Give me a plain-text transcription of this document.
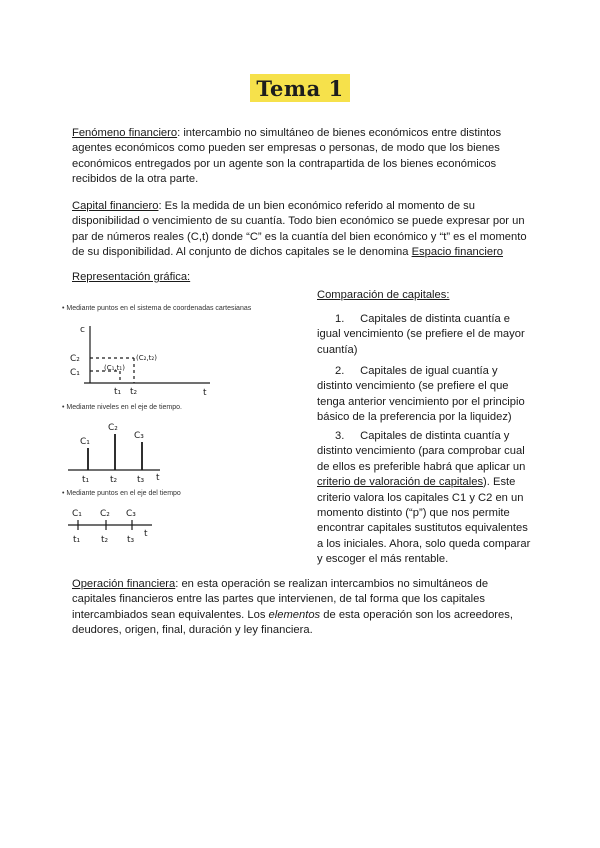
Tema 1
Fenómeno financiero: intercambio no simultáneo de bienes económicos entre distintos agentes económicos como pueden ser empresas o personas, de modo que los bienes económicos entregados por un agente son la contrapartida de los bienes económicos recibidos de la otra parte.
Capital financiero: Es la medida de un bien económico referido al momento de su disponibilidad o vencimiento de su cuantía. Todo bien económico se puede expresar por un par de números reales (C,t) donde “C” es la cuantía del bien económico y “t” es el momento de su disponibilidad. Al conjunto de dichos capitales se le denomina Espacio financiero
Representación gráfica:
• Mediante puntos en el sistema de coordenadas cartesianas
c
t
C₂
C₁
t₁ t₂
(C₂,t₂)
(C₁,t₁)
• Mediante niveles en el eje de tiempo.
C₁
C₂
C₃
t₁ t₂ t₃ t
• Mediante puntos en el eje del tiempo
C₁ C₂ C₃
t₁ t₂ t₃
t
Comparación de capitales:
1. Capitales de distinta cuantía e igual vencimiento (se prefiere el de mayor cuantía)
2. Capitales de igual cuantía y distinto vencimiento (se prefiere el que tenga anterior vencimiento por el principio básico de la preferencia por la liquidez)
3. Capitales de distinta cuantía y distinto vencimiento (para comprobar cual de ellos es preferible habrá que aplicar un criterio de valoración de capitales). Este criterio valora los capitales C1 y C2 en un momento distinto (“p”) que nos permite encontrar capitales sustitutos equivalentes a los iniciales. Ahora, solo queda comparar y escoger el más rentable.
Operación financiera: en esta operación se realizan intercambios no simultáneos de capitales financieros entre las partes que intervienen, de tal forma que los capitales intercambiados sean equivalentes. Los elementos de esta operación son los acreedores, deudores, origen, final, duración y ley financiera.
